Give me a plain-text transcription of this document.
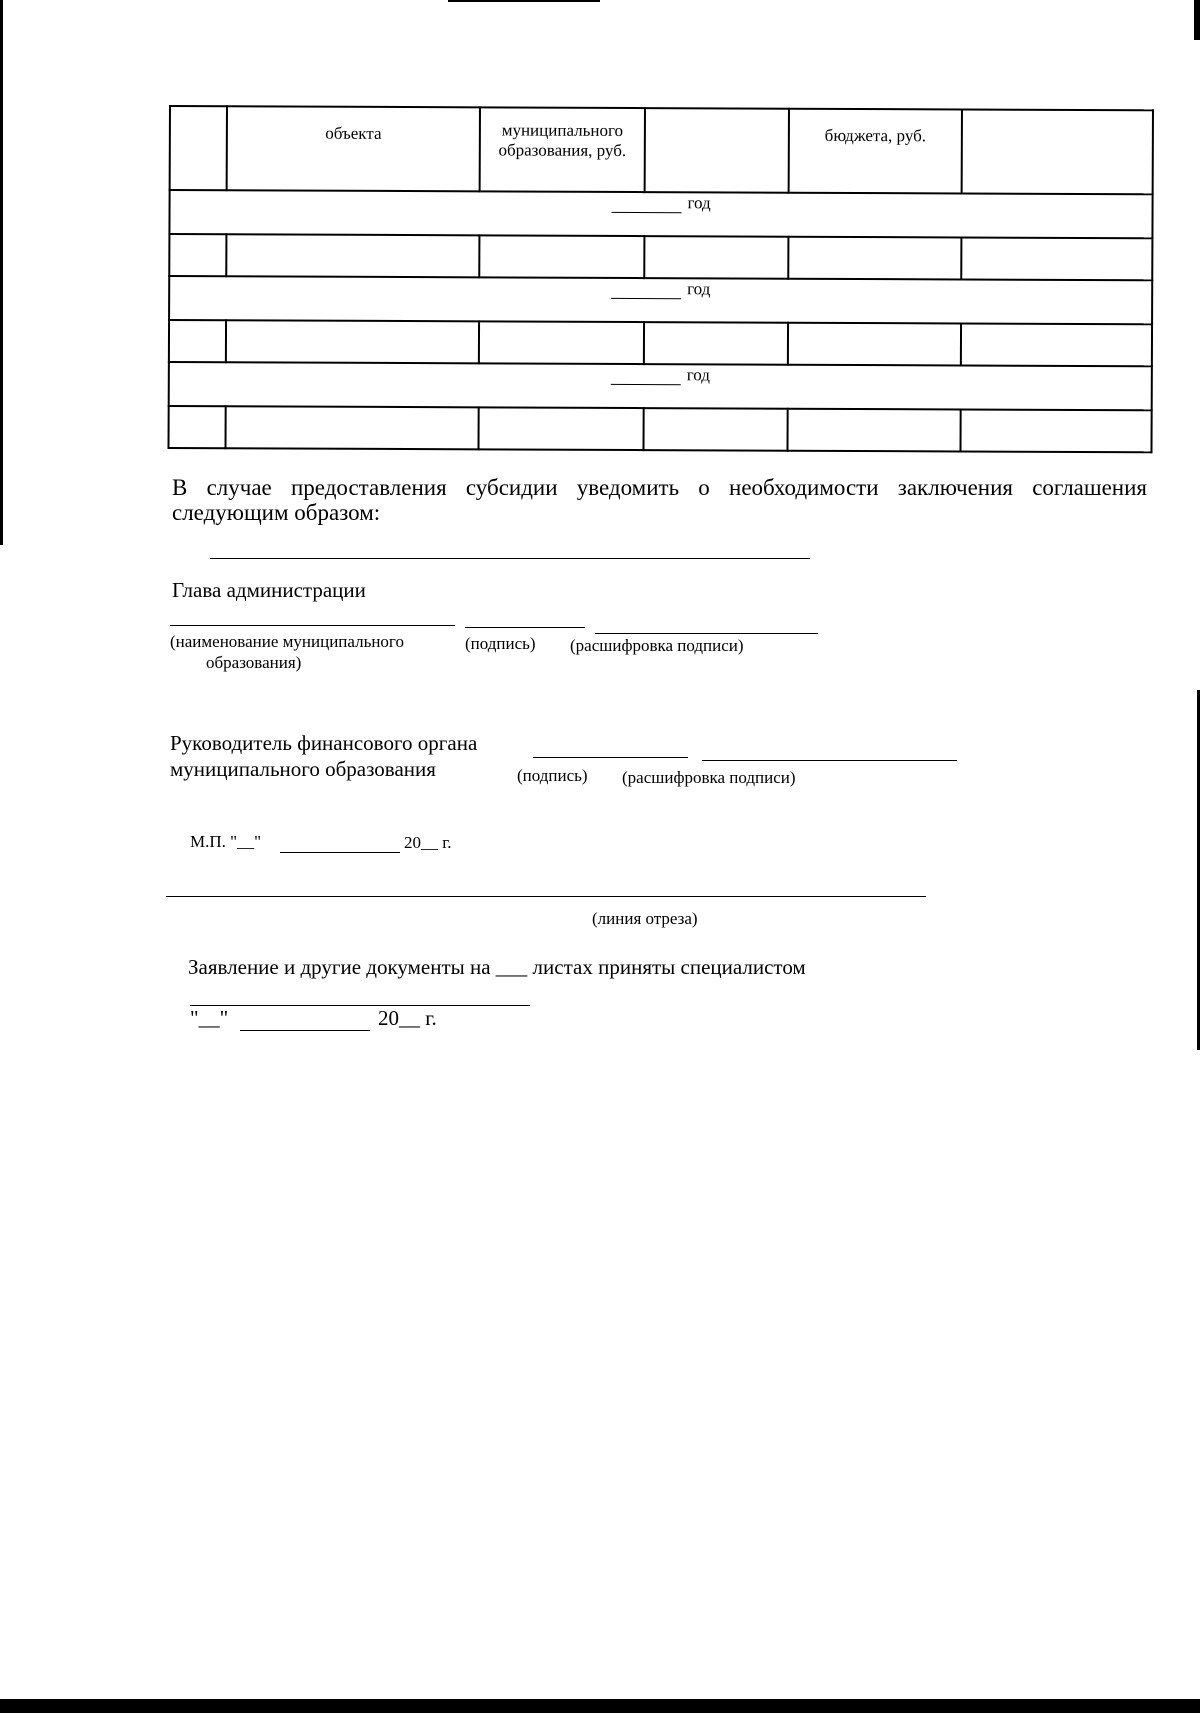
	объекта	муниципального образования, руб.		бюджета, руб.	
год					

год					

год					

В случае предоставления субсидии уведомить о необходимости заключения соглашения следующим образом:
Глава администрации
(наименование муниципального
образования)
(подпись) (расшифровка подписи)
Руководитель финансового органа
муниципального образования	(подпись) (расшифровка подписи)
М.П. "__"	20__ г.
(линия отреза)
Заявление и другие документы на ___ листах приняты специалистом
"__"	20__ г.
